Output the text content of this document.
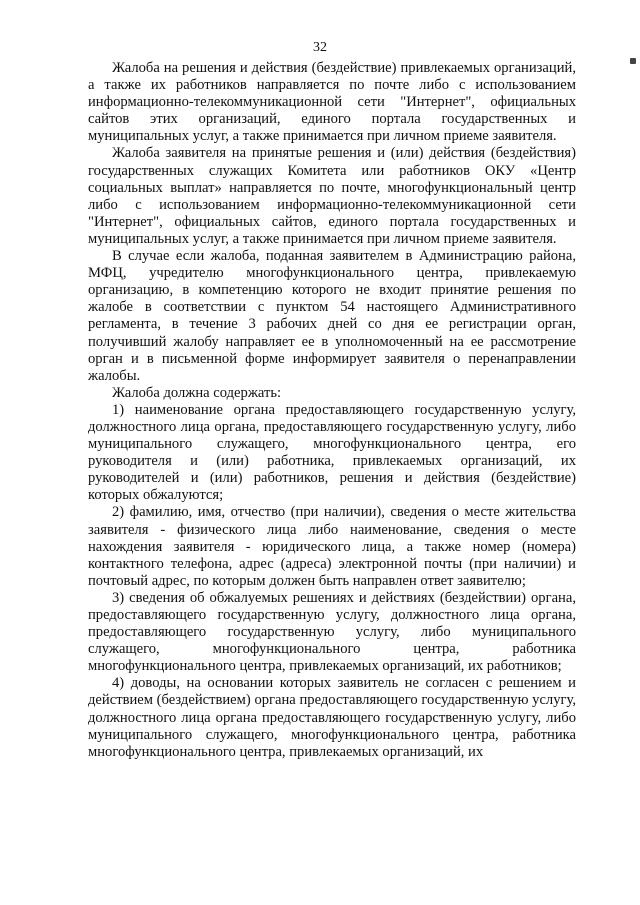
32

Жалоба на решения и действия (бездействие) привлекаемых организаций, а также их работников направляется по почте либо с использованием информационно-телекоммуникационной сети "Интернет", официальных сайтов этих организаций, единого портала государственных и муниципальных услуг, а также принимается при личном приеме заявителя.

Жалоба заявителя на принятые решения и (или) действия (бездействия) государственных служащих Комитета или работников ОКУ «Центр социальных выплат» направляется по почте, многофункциональный центр либо с использованием информационно-телекоммуникационной сети "Интернет", официальных сайтов, единого портала государственных и муниципальных услуг, а также принимается при личном приеме заявителя.

В случае если жалоба, поданная заявителем в Администрацию района, МФЦ, учредителю многофункционального центра, привлекаемую организацию, в компетенцию которого не входит принятие решения по жалобе в соответствии с пунктом 54 настоящего Административного регламента, в течение 3 рабочих дней со дня ее регистрации орган, получивший жалобу направляет ее в уполномоченный на ее рассмотрение орган и в письменной форме информирует заявителя о перенаправлении жалобы.

Жалоба должна содержать:

1) наименование органа предоставляющего государственную услугу, должностного лица органа, предоставляющего государственную услугу, либо муниципального служащего, многофункционального центра, его руководителя и (или) работника, привлекаемых организаций, их руководителей и (или) работников, решения и действия (бездействие) которых обжалуются;

2) фамилию, имя, отчество (при наличии), сведения о месте жительства заявителя - физического лица либо наименование, сведения о месте нахождения заявителя - юридического лица, а также номер (номера) контактного телефона, адрес (адреса) электронной почты (при наличии) и почтовый адрес, по которым должен быть направлен ответ заявителю;

3) сведения об обжалуемых решениях и действиях (бездействии) органа, предоставляющего государственную услугу, должностного лица органа, предоставляющего государственную услугу, либо муниципального служащего, многофункционального центра, работника многофункционального центра, привлекаемых организаций, их работников;

4) доводы, на основании которых заявитель не согласен с решением и действием (бездействием) органа предоставляющего государственную услугу, должностного лица органа предоставляющего государственную услугу, либо муниципального служащего, многофункционального центра, работника многофункционального центра, привлекаемых организаций, их
